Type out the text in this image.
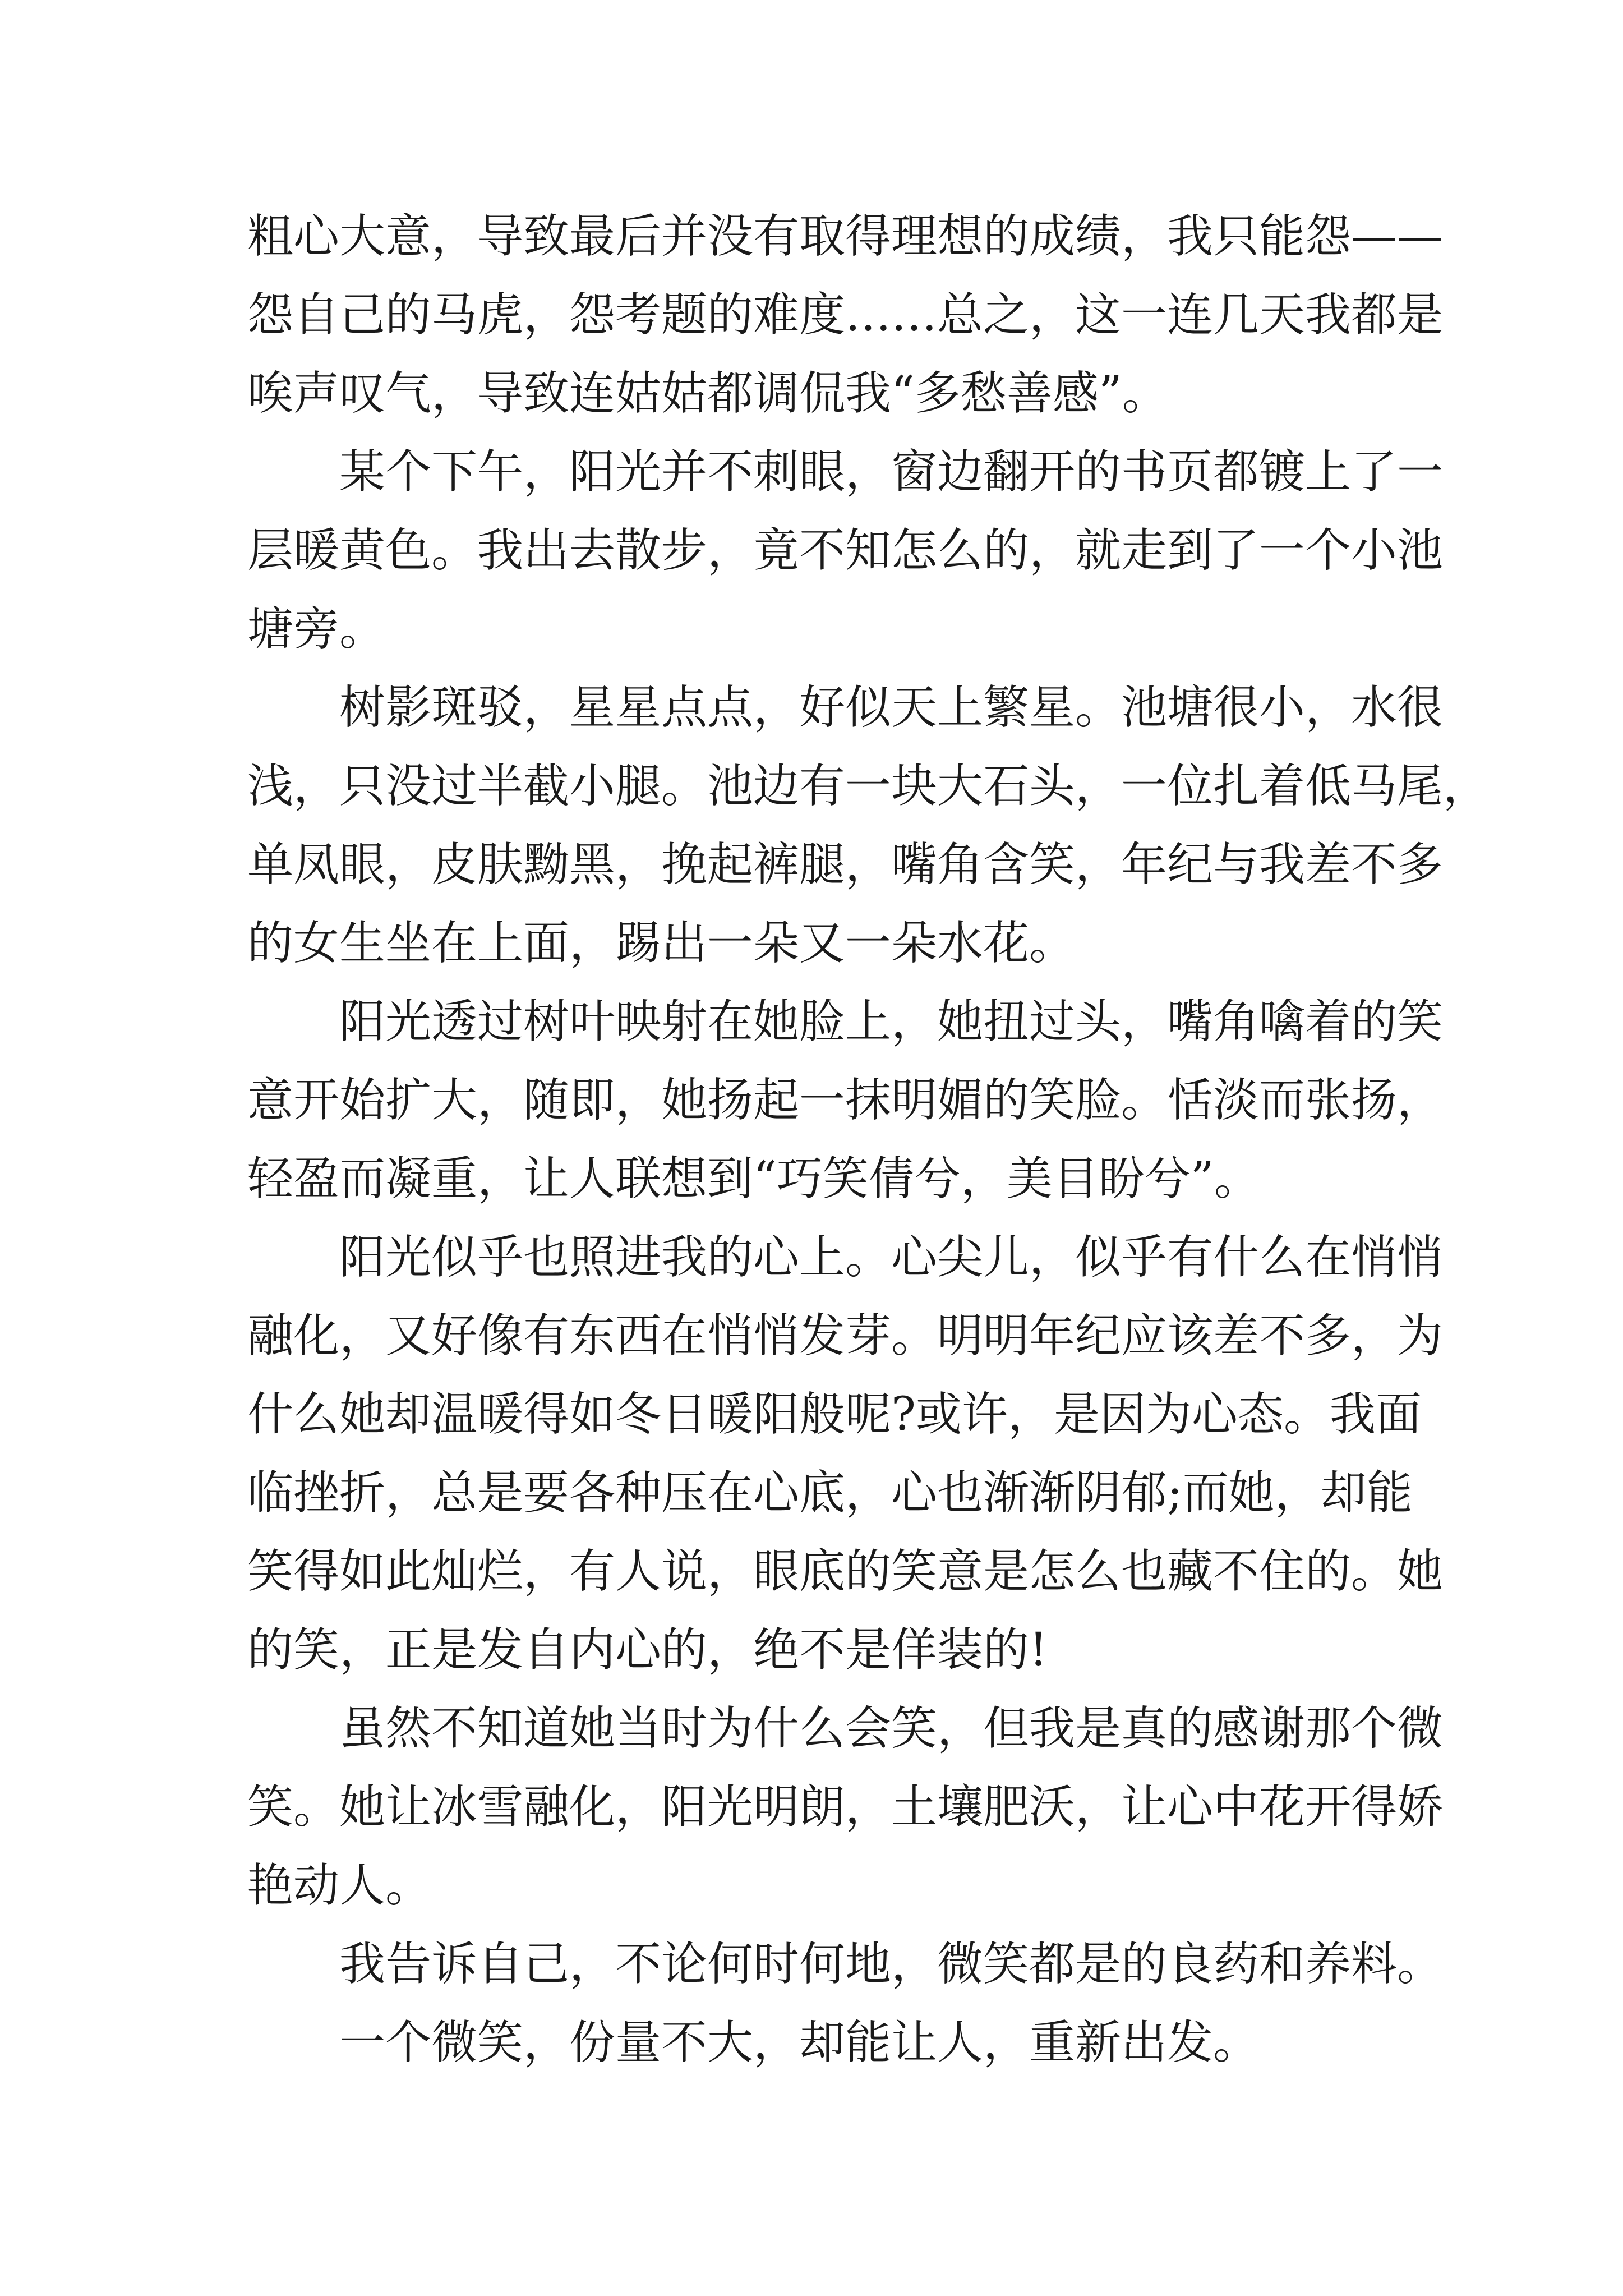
粗心大意，导致最后并没有取得理想的成绩，我只能怨——
怨自己的马虎，怨考题的难度……总之，这一连几天我都是
唉声叹气，导致连姑姑都调侃我“多愁善感”。
某个下午，阳光并不刺眼，窗边翻开的书页都镀上了一
层暖黄色。我出去散步，竟不知怎么的，就走到了一个小池
塘旁。
树影斑驳，星星点点，好似天上繁星。池塘很小，水很
浅，只没过半截小腿。池边有一块大石头，一位扎着低马尾，
单凤眼，皮肤黝黑，挽起裤腿，嘴角含笑，年纪与我差不多
的女生坐在上面，踢出一朵又一朵水花。
阳光透过树叶映射在她脸上，她扭过头，嘴角噙着的笑
意开始扩大，随即，她扬起一抹明媚的笑脸。恬淡而张扬，
轻盈而凝重，让人联想到“巧笑倩兮，美目盼兮”。
阳光似乎也照进我的心上。心尖儿，似乎有什么在悄悄
融化，又好像有东西在悄悄发芽。明明年纪应该差不多，为
什么她却温暖得如冬日暖阳般呢?或许，是因为心态。我面
临挫折，总是要各种压在心底，心也渐渐阴郁;而她，却能
笑得如此灿烂，有人说，眼底的笑意是怎么也藏不住的。她
的笑，正是发自内心的，绝不是佯装的!
虽然不知道她当时为什么会笑，但我是真的感谢那个微
笑。她让冰雪融化，阳光明朗，土壤肥沃，让心中花开得娇
艳动人。
我告诉自己，不论何时何地，微笑都是的良药和养料。
一个微笑，份量不大，却能让人，重新出发。
